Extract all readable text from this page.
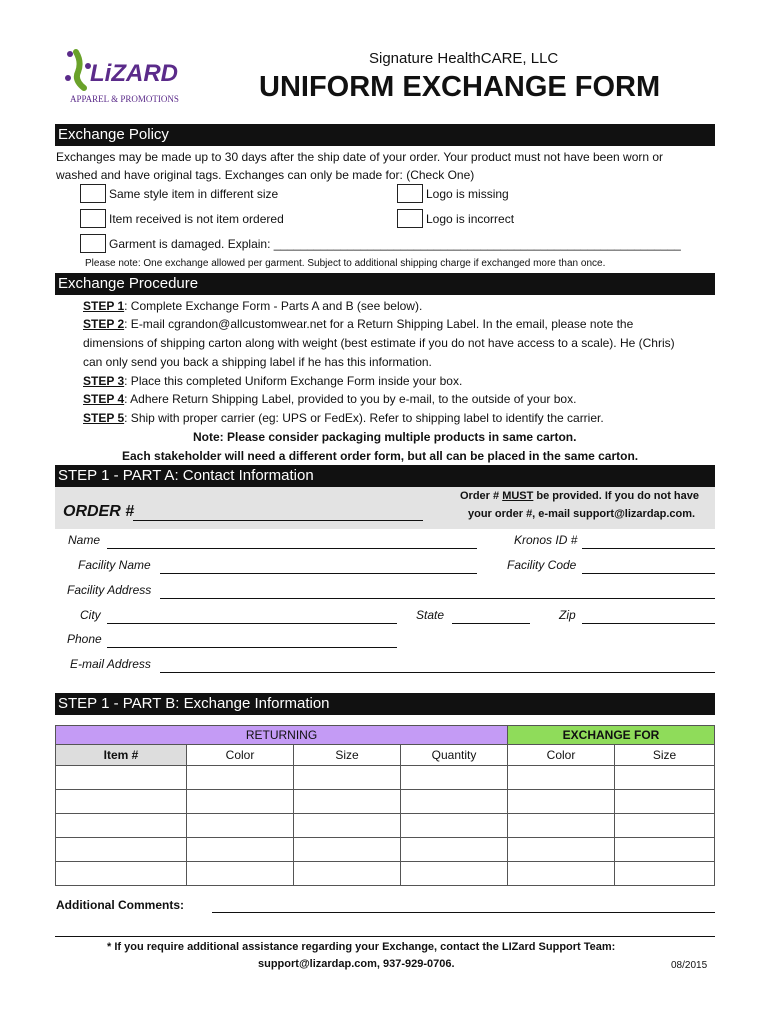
LiZARD
APPAREL & PROMOTIONS
Signature HealthCARE, LLC
UNIFORM EXCHANGE FORM
Exchange Policy
Exchanges may be made up to 30 days after the ship date of your order. Your product must not have been worn or
washed and have original tags. Exchanges can only be made for: (Check One)
Same style item in different size	Logo is missing
Item received is not item ordered	Logo is incorrect
Garment is damaged. Explain: _____________________________________________________________
Please note: One exchange allowed per garment. Subject to additional shipping charge if exchanged more than once.
Exchange Procedure
STEP 1: Complete Exchange Form - Parts A and B (see below).
STEP 2: E-mail cgrandon@allcustomwear.net for a Return Shipping Label. In the email, please note the
dimensions of shipping carton along with weight (best estimate if you do not have access to a scale). He (Chris)
can only send you back a shipping label if he has this information.
STEP 3: Place this completed Uniform Exchange Form inside your box.
STEP 4: Adhere Return Shipping Label, provided to you by e-mail, to the outside of your box.
STEP 5: Ship with proper carrier (eg: UPS or FedEx). Refer to shipping label to identify the carrier.
Note: Please consider packaging multiple products in same carton.
Each stakeholder will need a different order form, but all can be placed in the same carton.
STEP 1 - PART A: Contact Information
ORDER #
Order # MUST be provided. If you do not have
your order #, e-mail support@lizardap.com.
Name	Kronos ID #
Facility Name	Facility Code
Facility Address
City	State	Zip
Phone
E-mail Address
STEP 1 - PART B: Exchange Information
RETURNING				EXCHANGE FOR	
Item #	Color	Size	Quantity	Color	Size

Additional Comments:
* If you require additional assistance regarding your Exchange, contact the LIZard Support Team:
support@lizardap.com, 937-929-0706.	08/2015
